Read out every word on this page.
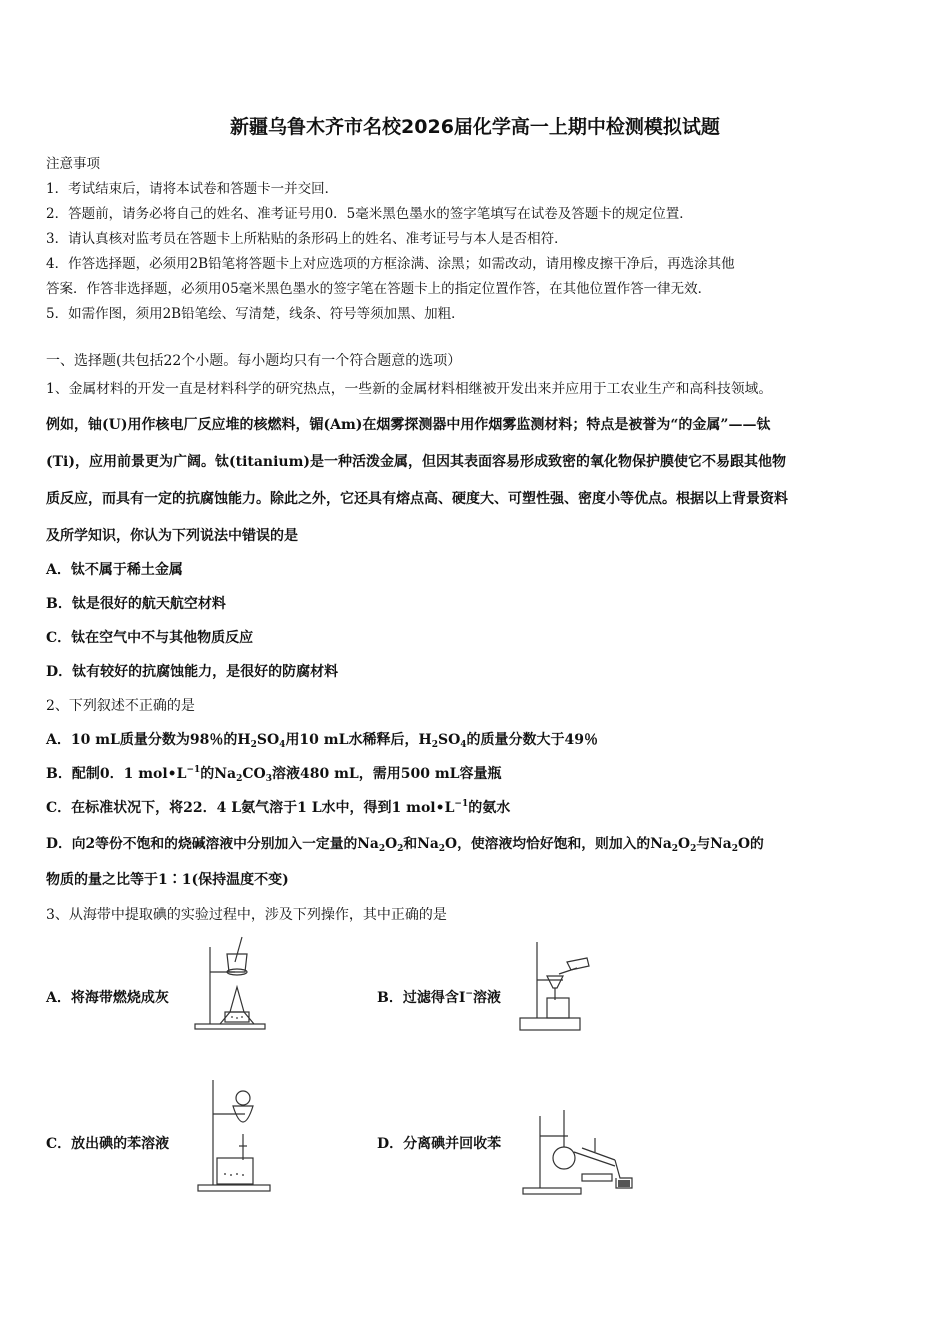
新疆乌鲁木齐市名校2026届化学高一上期中检测模拟试题
注意事项
1．考试结束后，请将本试卷和答题卡一并交回．
2．答题前，请务必将自己的姓名、准考证号用0．5毫米黑色墨水的签字笔填写在试卷及答题卡的规定位置．
3．请认真核对监考员在答题卡上所粘贴的条形码上的姓名、准考证号与本人是否相符．
4．作答选择题，必须用2B铅笔将答题卡上对应选项的方框涂满、涂黑；如需改动，请用橡皮擦干净后，再选涂其他
答案．作答非选择题，必须用05毫米黑色墨水的签字笔在答题卡上的指定位置作答，在其他位置作答一律无效．
5．如需作图，须用2B铅笔绘、写清楚，线条、符号等须加黑、加粗．
一、选择题(共包括22个小题。每小题均只有一个符合题意的选项）
1、金属材料的开发一直是材料科学的研究热点，一些新的金属材料相继被开发出来并应用于工农业生产和高科技领域。
例如，铀(U)用作核电厂反应堆的核燃料，镅(Am)在烟雾探测器中用作烟雾监测材料；特点是被誉为“的金属”——钛
(Ti)，应用前景更为广阔。钛(titanium)是一种活泼金属，但因其表面容易形成致密的氧化物保护膜使它不易跟其他物
质反应，而具有一定的抗腐蚀能力。除此之外，它还具有熔点高、硬度大、可塑性强、密度小等优点。根据以上背景资料
及所学知识，你认为下列说法中错误的是
A．钛不属于稀土金属
B．钛是很好的航天航空材料
C．钛在空气中不与其他物质反应
D．钛有较好的抗腐蚀能力，是很好的防腐材料
2、下列叙述不正确的是
A．10 mL质量分数为98％的$H_2SO_4$用10 mL水稀释后，$H_2SO_4$的质量分数大于49％
B．配制0．1 $mol•L^{-1}$的$Na_2CO_3$溶液480 mL，需用500 mL容量瓶
C．在标准状况下，将22．4 L氨气溶于1 L水中，得到1 $mol•L^{-1}$的氨水
D．向2等份不饱和的烧碱溶液中分别加入一定量的$Na_2O_2$和$Na_2O$，使溶液均恰好饱和，则加入的$Na_2O_2$与$Na_2O$的
物质的量之比等于1∶1(保持温度不变)
3、从海带中提取碘的实验过程中，涉及下列操作，其中正确的是
A．将海带燃烧成灰	B．过滤得含I−溶液
C．放出碘的苯溶液	D．分离碘并回收苯
